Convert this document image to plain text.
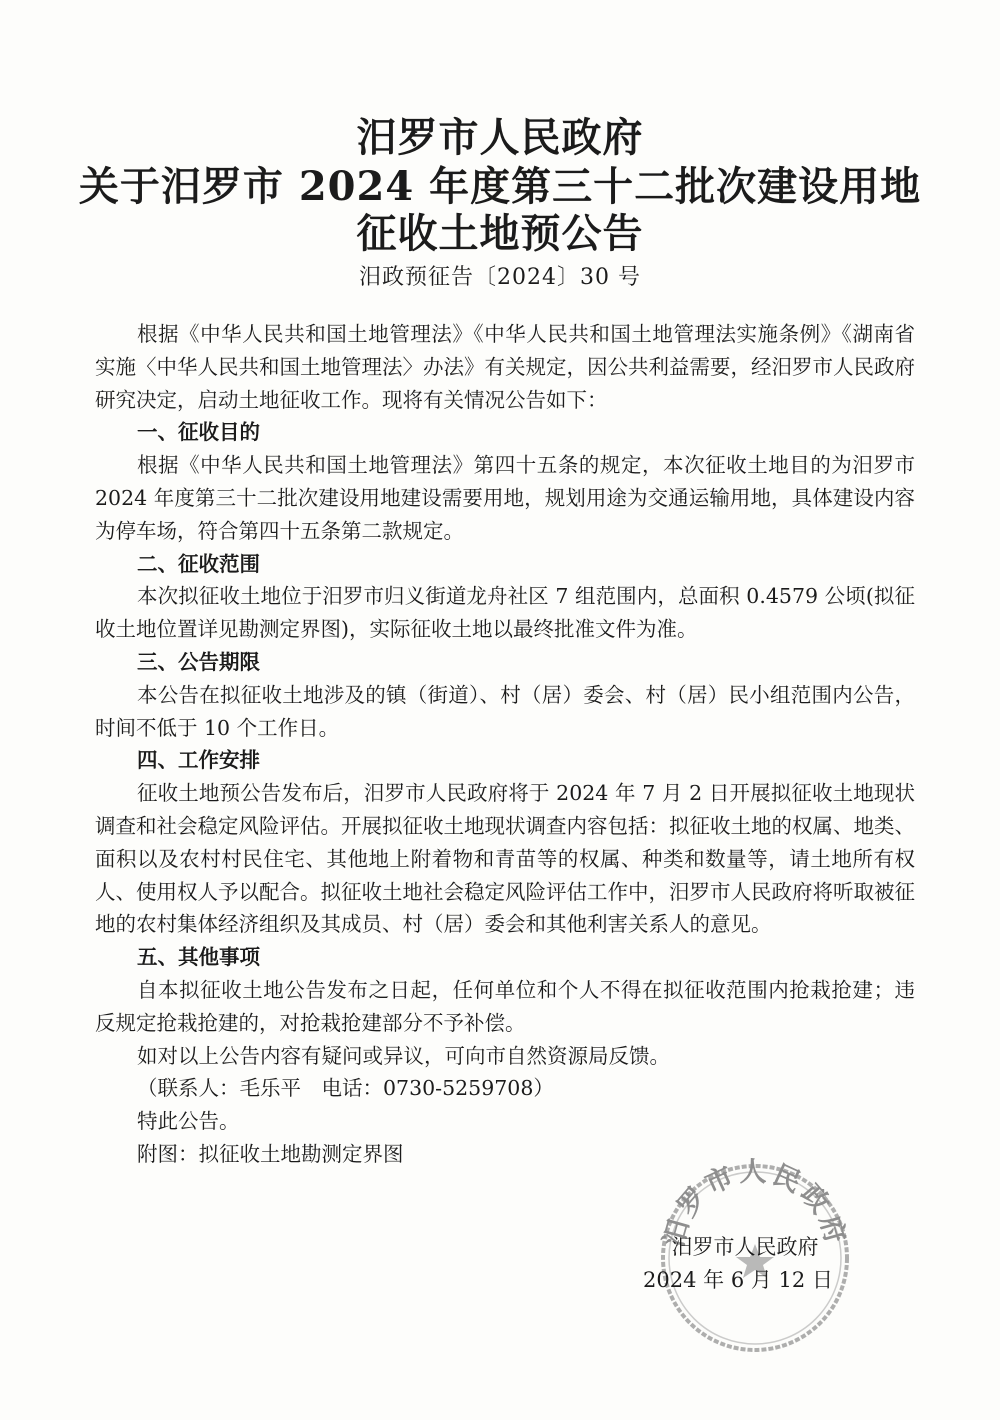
汨罗市人民政府
关于汨罗市 2024 年度第三十二批次建设用地
征收土地预公告
汨政预征告〔2024〕30 号

根据《中华人民共和国土地管理法》《中华人民共和国土地管理法实施条例》《湖南省实施〈中华人民共和国土地管理法〉办法》有关规定，因公共利益需要，经汨罗市人民政府研究决定，启动土地征收工作。现将有关情况公告如下：

一、征收目的

根据《中华人民共和国土地管理法》第四十五条的规定，本次征收土地目的为汨罗市 2024 年度第三十二批次建设用地建设需要用地，规划用途为交通运输用地，具体建设内容为停车场，符合第四十五条第二款规定。

二、征收范围

本次拟征收土地位于汨罗市归义街道龙舟社区 7 组范围内，总面积 0.4579 公顷(拟征收土地位置详见勘测定界图)，实际征收土地以最终批准文件为准。

三、公告期限

本公告在拟征收土地涉及的镇（街道）、村（居）委会、村（居）民小组范围内公告，时间不低于 10 个工作日。

四、工作安排

征收土地预公告发布后，汨罗市人民政府将于 2024 年 7 月 2 日开展拟征收土地现状调查和社会稳定风险评估。开展拟征收土地现状调查内容包括：拟征收土地的权属、地类、面积以及农村村民住宅、其他地上附着物和青苗等的权属、种类和数量等，请土地所有权人、使用权人予以配合。拟征收土地社会稳定风险评估工作中，汨罗市人民政府将听取被征地的农村集体经济组织及其成员、村（居）委会和其他利害关系人的意见。

五、其他事项

自本拟征收土地公告发布之日起，任何单位和个人不得在拟征收范围内抢栽抢建；违反规定抢栽抢建的，对抢栽抢建部分不予补偿。

如对以上公告内容有疑问或异议，可向市自然资源局反馈。

（联系人：毛乐平　电话：0730-5259708）

特此公告。

附图：拟征收土地勘测定界图

汨罗市人民政府
汨罗市人民政府
2024 年 6 月 12 日
